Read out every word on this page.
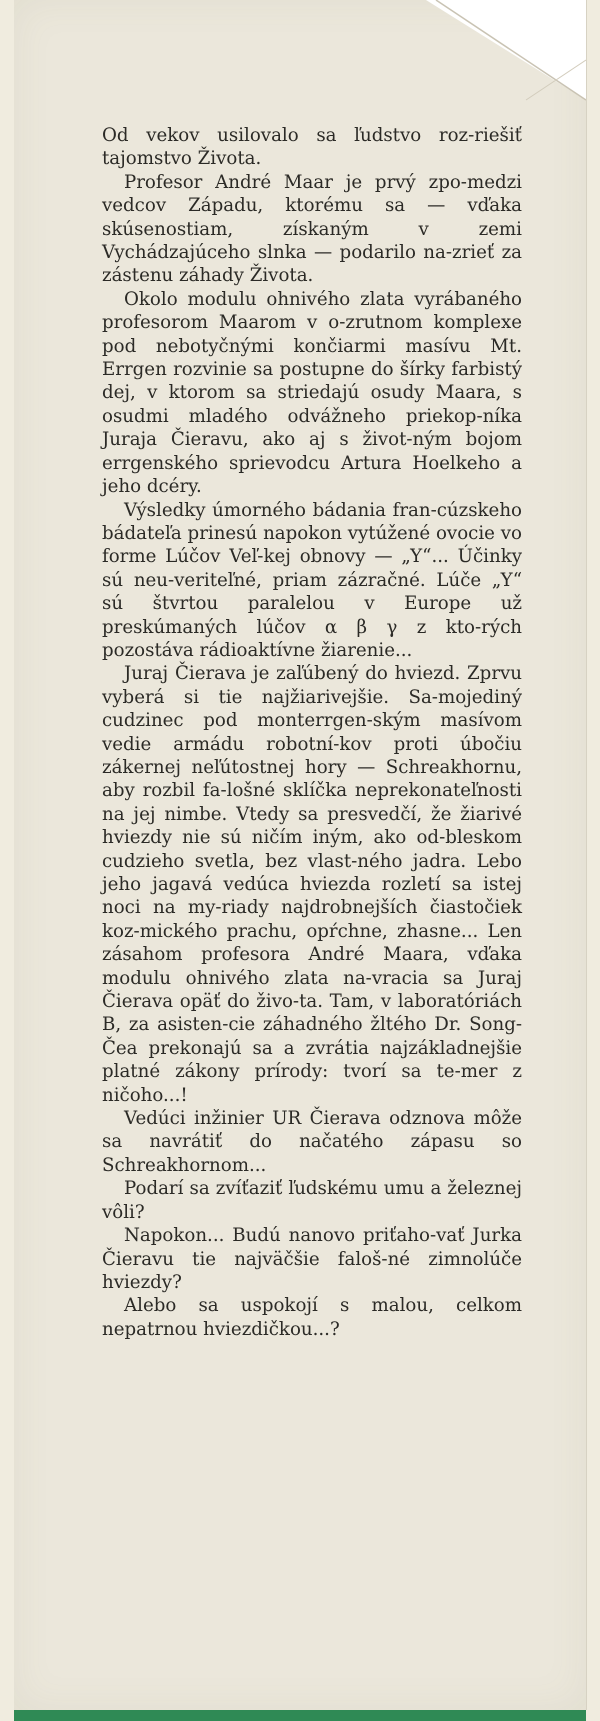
Od vekov usilovalo sa ľudstvo roz-riešiť tajomstvo Života.

Profesor André Maar je prvý zpo-medzi vedcov Západu, ktorému sa — vďaka skúsenostiam, získaným v zemi Vychádzajúceho slnka — podarilo na-zrieť za zástenu záhady Života.

Okolo modulu ohnivého zlata vyrábaného profesorom Maarom v o-zrutnom komplexe pod nebotyčnými končiarmi masívu Mt. Errgen rozvinie sa postupne do šírky farbistý dej, v ktorom sa striedajú osudy Maara, s osudmi mladého odvážneho priekop-níka Juraja Čieravu, ako aj s život-ným bojom errgenského sprievodcu Artura Hoelkeho a jeho dcéry.

Výsledky úmorného bádania fran-cúzskeho bádateľa prinesú napokon vytúžené ovocie vo forme Lúčov Veľ-kej obnovy — „Y“... Účinky sú neu-veriteľné, priam zázračné. Lúče „Y“ sú štvrtou paralelou v Europe už preskúmaných lúčov α β γ z kto-rých pozostáva rádioaktívne žiarenie...

Juraj Čierava je zaľúbený do hviezd. Zprvu vyberá si tie najžiarivejšie. Sa-mojediný cudzinec pod monterrgen-ským masívom vedie armádu robotní-kov proti úbočiu zákernej neľútostnej hory — Schreakhornu, aby rozbil fa-lošné sklíčka neprekonateľnosti na jej nimbe. Vtedy sa presvedčí, že žiarivé hviezdy nie sú ničím iným, ako od-bleskom cudzieho svetla, bez vlast-ného jadra. Lebo jeho jagavá vedúca hviezda rozletí sa istej noci na my-riady najdrobnejších čiastočiek koz-mického prachu, opŕchne, zhasne... Len zásahom profesora André Maara, vďaka modulu ohnivého zlata na-vracia sa Juraj Čierava opäť do živo-ta. Tam, v laboratóriách B, za asisten-cie záhadného žltého Dr. Song-Čea prekonajú sa a zvrátia najzákladnejšie platné zákony prírody: tvorí sa te-mer z ničoho...!

Vedúci inžinier UR Čierava odznova môže sa navrátiť do načatého zápasu so Schreakhornom...

Podarí sa zvíťaziť ľudskému umu a železnej vôli?

Napokon... Budú nanovo priťaho-vať Jurka Čieravu tie najväčšie faloš-né zimnolúče hviezdy?

Alebo sa uspokojí s malou, celkom nepatrnou hviezdičkou...?
